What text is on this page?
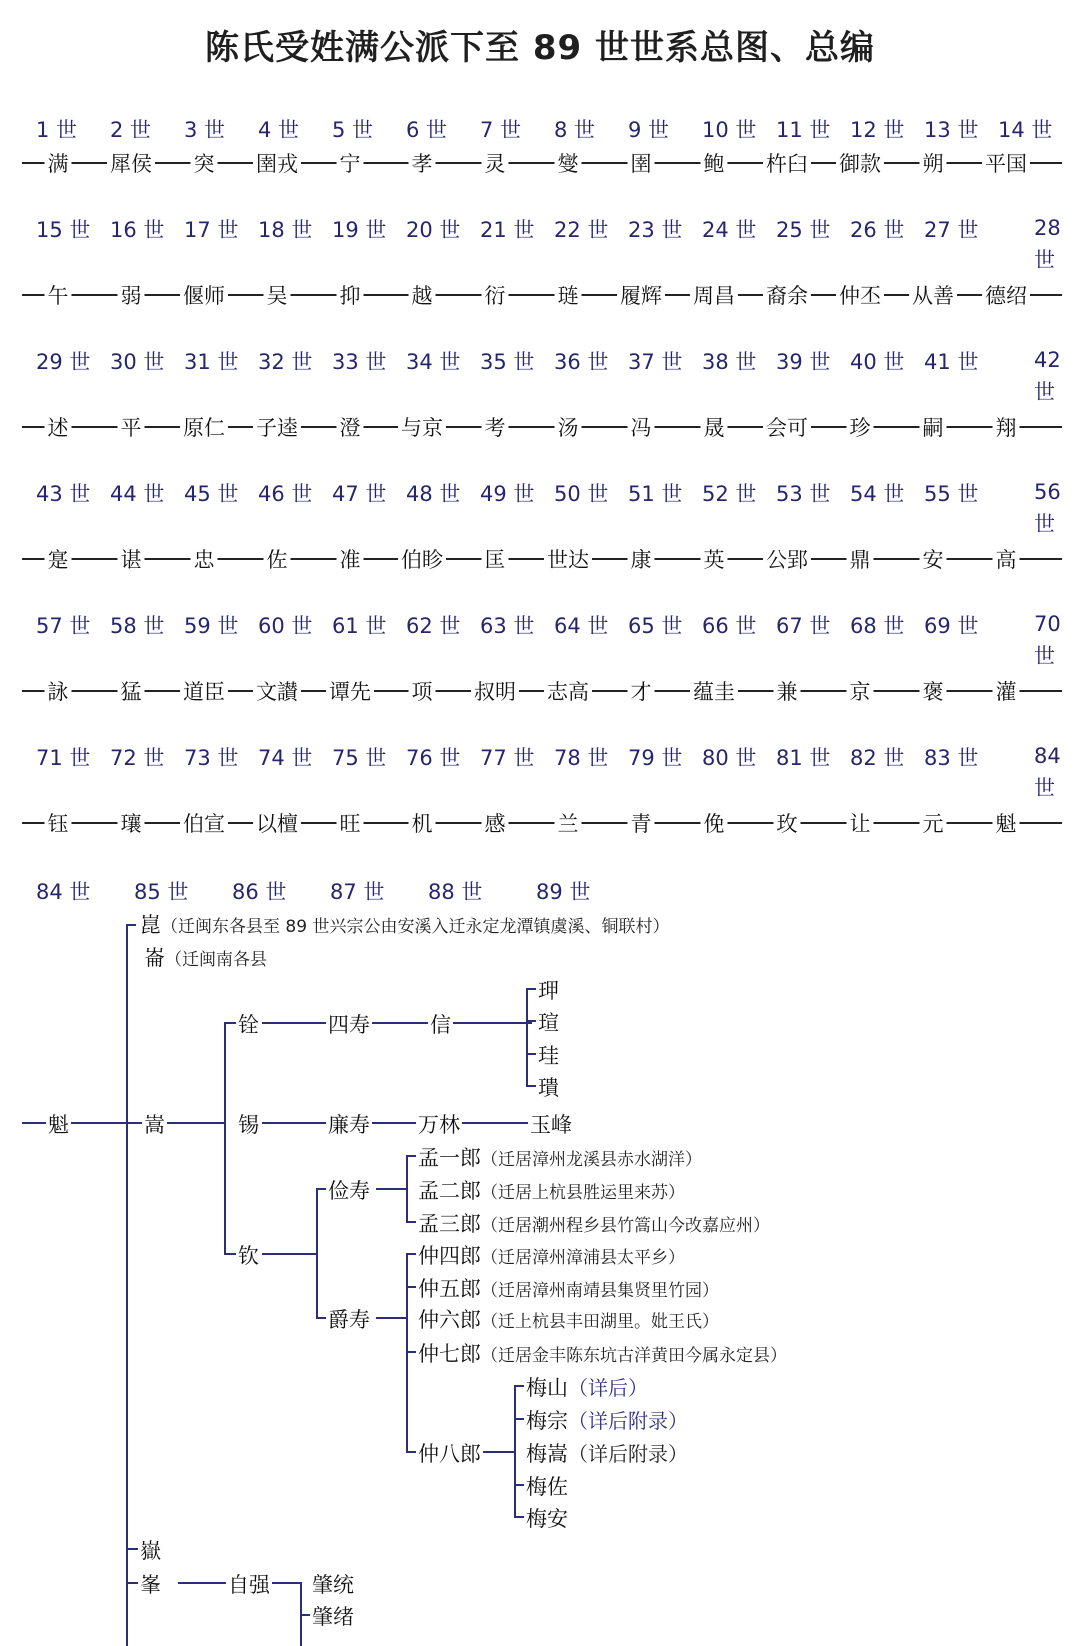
陈氏受姓满公派下至 89 世世系总图、总编
1 世 2 世 3 世 4 世 5 世 6 世 7 世 8 世 9 世 10 世 11 世 12 世 13 世 14 世
满 犀侯 突 圉戎 宁 孝 灵 燮 圉 鲍 杵臼 御款 朔 平国
15 世 16 世 17 世 18 世 19 世 20 世 21 世 22 世 23 世 24 世 25 世 26 世 27 世	28 世
午 弱 偃师 吴 抑 越 衍 琏 履辉 周昌 裔余 仲丕 从善 德绍
29 世 30 世 31 世 32 世 33 世 34 世 35 世 36 世 37 世 38 世 39 世 40 世 41 世	42 世
述 平 原仁 子逵 澄 与京 考 汤 冯 晟 会可 珍 嗣 翔
43 世 44 世 45 世 46 世 47 世 48 世 49 世 50 世 51 世 52 世 53 世 54 世 55 世	56 世
寔 谌 忠 佐 准 伯眕 匡 世达 康 英 公郢 鼎 安 高
57 世 58 世 59 世 60 世 61 世 62 世 63 世 64 世 65 世 66 世 67 世 68 世 69 世	70 世
詠 猛 道臣 文讃 谭先 项 叔明 志高 才 蕴圭 兼 京 褒 灌
71 世 72 世 73 世 74 世 75 世 76 世 77 世 78 世 79 世 80 世 81 世 82 世 83 世	84 世
钰 瓖 伯宣 以檀 旺 机 感 兰 青 俛 玫 让 元 魁
84 世 85 世 86 世 87 世 88 世	89 世
魁
崑（迁闽东各县至 89 世兴宗公由安溪入迁永定龙潭镇虞溪、铜联村）
崙（迁闽南各县
嵩
铨	四寿	信
玾
瑄
珪
璝
锡	廉寿 万林	玉峰
钦
俭寿
孟一郎（迁居漳州龙溪县赤水湖洋）
孟二郎（迁居上杭县胜运里来苏）
孟三郎（迁居潮州程乡县竹篙山今改嘉应州）
爵寿
仲四郎（迁居漳州漳浦县太平乡）
仲五郎（迁居漳州南靖县集贤里竹园）
仲六郎（迁上杭县丰田湖里。妣王氏）
仲七郎（迁居金丰陈东坑古洋黄田今属永定县）
仲八郎
梅山（详后）
梅宗（详后附录）
梅嵩（详后附录）
梅佐
梅安
嶽
峯	自强 肇统
肇绪
